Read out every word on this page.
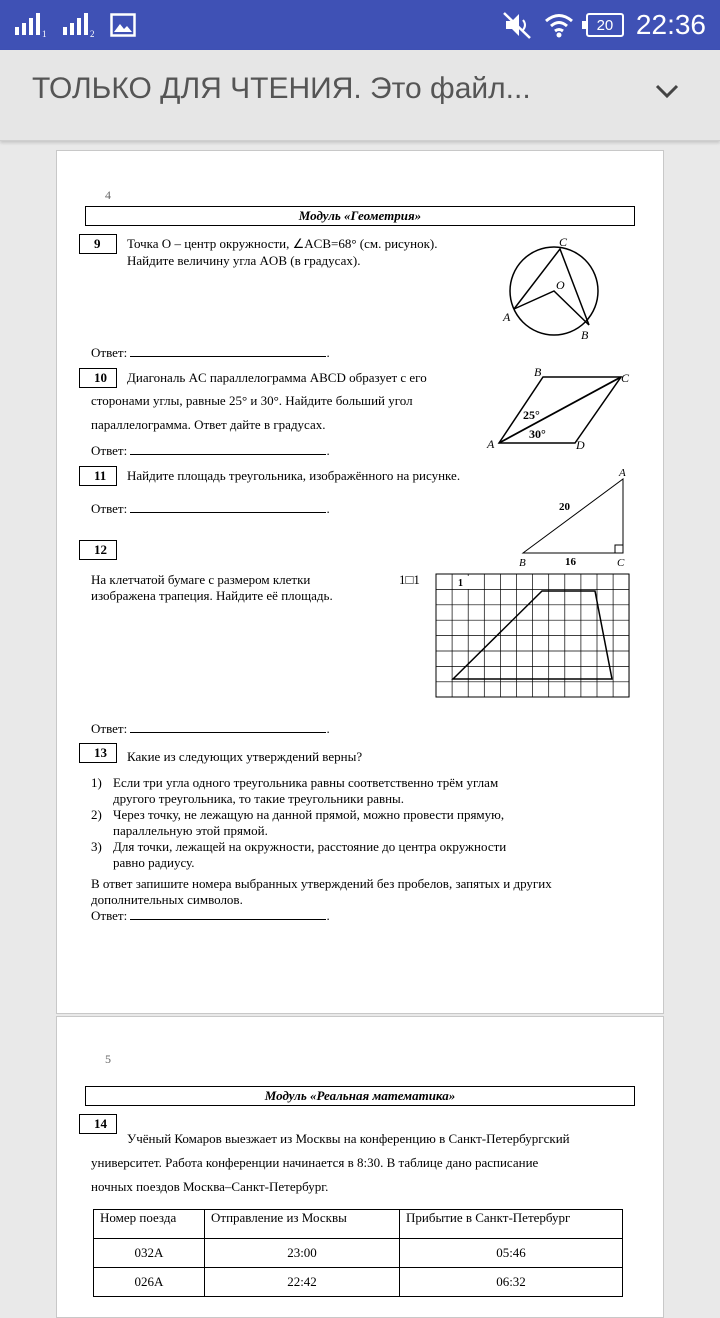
1	2
20 22:36
ТОЛЬКО ДЛЯ ЧТЕНИЯ. Это файл...
4
Модуль «Геометрия»
9	Точка O – центр окружности, ∠ACB=68° (см. рисунок).
Найдите величину угла AOB (в градусах).
C
O
A
B
Ответ:	.
10	Диагональ AC параллелограмма ABCD образует с его
сторонами углы, равные 25° и 30°. Найдите больший угол
параллелограмма. Ответ дайте в градусах.
B	C
A	D
25°
30°
Ответ:	.
11	Найдите площадь треугольника, изображённого на рисунке.	A
B	C
20
16
Ответ:	.
12
На клетчатой бумаге с размером клетки	1□1
изображена трапеция. Найдите её площадь.
1
Ответ:	.
13	Какие из следующих утверждений верны?
1) Если три угла одного треугольника равны соответственно трём углам
другого треугольника, то такие треугольники равны.
2) Через точку, не лежащую на данной прямой, можно провести прямую,
параллельную этой прямой.
3) Для точки, лежащей на окружности, расстояние до центра окружности
равно радиусу.
В ответ запишите номера выбранных утверждений без пробелов, запятых и других
дополнительных символов.
Ответ:	.
5
Модуль «Реальная математика»
14
Учёный Комаров выезжает из Москвы на конференцию в Санкт-Петербургский
университет. Работа конференции начинается в 8:30. В таблице дано расписание
ночных поездов Москва–Санкт-Петербург.
Номер поезда	Отправление из Москвы	Прибытие в Санкт-Петербург
032А	23:00	05:46
026А	22:42	06:32
